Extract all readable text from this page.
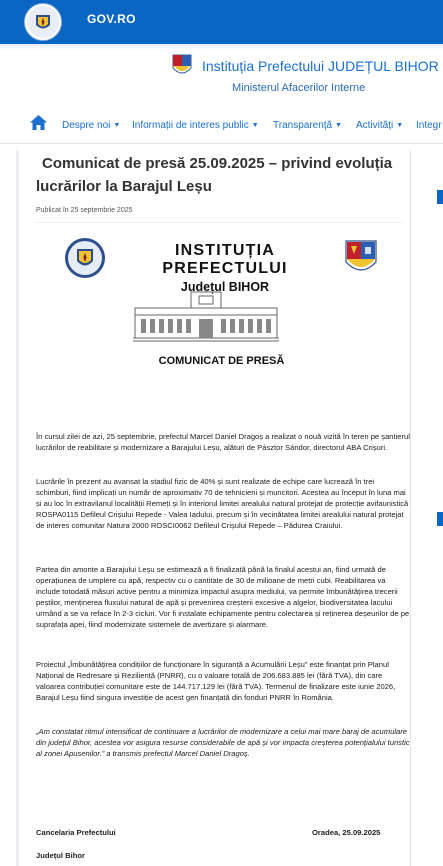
GOV.RO
Instituția Prefectului JUDEȚUL BIHOR
Ministerul Afacerilor Interne
Despre noi ▼ Informații de interes public ▼ Transparență ▼ Activități ▼ Integr
Comunicat de presă 25.09.2025 – privind evoluția lucrărilor la Barajul Leșu
Publicat în 25 septembrie 2025
INSTITUȚIA PREFECTULUI
Județul BIHOR
COMUNICAT DE PRESĂ

În cursul zilei de azi, 25 septembrie, prefectul Marcel Daniel Dragoș a realizat o nouă vizită în teren pe șantierul lucrărilor de reabilitare și modernizare a Barajului Leșu, alături de Pásztor Sándor, directorul ABA Crișuri.

Lucrările în prezent au avansat la stadiul fizic de 40% și sunt realizate de echipe care lucrează în trei schimburi, fiind implicați un număr de aproximativ 70 de tehnicieni și muncitori. Acestea au început în luna mai și au loc în extravilanul localității Remeți și în interiorul limitei arealului natural protejat de protecție avifaunistică ROSPA0115 Defileul Crișului Repede - Valea Iadului, precum și în vecinătatea limitei arealului natural protejat de interes comunitar Natura 2000 ROSCI0062 Defileul Crișului Repede – Pădurea Craiului.

Partea din amonte a Barajului Leșu se estimează a fi finalizată până la finalul acestui an, fiind urmată de operațiunea de umplere cu apă, respectiv cu o cantitate de 30 de milioane de metri cubi. Reabilitarea va include totodată măsuri active pentru a minimiza impactul asupra mediului, va permite îmbunătățirea trecerii peștilor, menținerea fluxului natural de apă și prevenirea creșterii excesive a algelor, biodiversitatea lacului urmând a se va reface în 2-3 cicluri. Vor fi instalate echipamente pentru colectarea și reținerea deșeurilor de pe suprafața apei, fiind modernizate sistemele de avertizare și alarmare.

Proiectul „Îmbunătățirea condițiilor de funcționare în siguranță a Acumulării Leșu” este finanțat prin Planul Național de Redresare și Reziliență (PNRR), cu o valoare totală de 206.683.885 lei (fără TVA), din care valoarea contribuției comunitare este de 144.717.129 lei (fără TVA). Termenul de finalizare este iunie 2026, Barajul Leșu fiind singura investiție de acest gen finanțată din fonduri PNRR în România.

„Am constatat ritmul intensificat de continuare a lucrărilor de modernizare a celui mai mare baraj de acumulare din județul Bihor, acestea vor asigura resurse considerabile de apă și vor impacta creșterea potențialului turistic al zonei Apusenilor.” a transmis prefectul Marcel Daniel Dragoș.

Cancelaria Prefectului	Oradea, 25.09.2025
Județul Bihor
